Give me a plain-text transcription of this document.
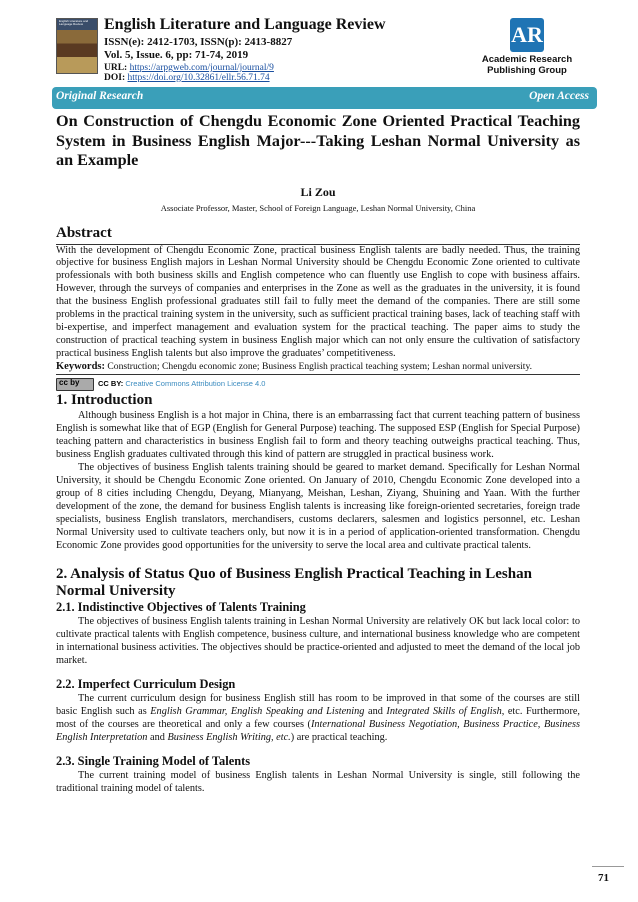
English Literature and Language Review	English Literature and Language Review
ISSN(e): 2412-1703, ISSN(p): 2413-8827
Vol. 5, Issue. 6, pp: 71-74, 2019
URL: https://arpgweb.com/journal/journal/9
DOI: https://doi.org/10.32861/ellr.56.71.74
AR
Academic Research Publishing Group
Original Research	Open Access
On Construction of Chengdu Economic Zone Oriented Practical Teaching System in Business English Major---Taking Leshan Normal University as an Example
Li Zou
Associate Professor, Master, School of Foreign Language, Leshan Normal University, China
Abstract

With the development of Chengdu Economic Zone, practical business English talents are badly needed. Thus, the training objective for business English majors in Leshan Normal University should be Chengdu Economic Zone oriented to cultivate professionals with both business skills and English competence who can fluently use English to cope with business affairs. However, through the surveys of companies and enterprises in the Zone as well as the graduates in the university, it is found that the business English professional graduates still fail to fully meet the demand of the companies. There are still some problems in the practical training system in the university, such as sufficient practical training bases, lack of teaching staff with bi-expertise, and imperfect management and evaluation system for the practical teaching. The paper aims to study the construction of practical teaching system in business English major which can not only ensure the cultivation of satisfactory practical business English talents but also improve the graduates’ competitiveness.

Keywords: Construction; Chengdu economic zone; Business English practical teaching system; Leshan normal university.
cc by CC BY: Creative Commons Attribution License 4.0
1. Introduction

Although business English is a hot major in China, there is an embarrassing fact that current teaching pattern of business English is somewhat like that of EGP (English for General Purpose) teaching. The supposed ESP (English for Special Purpose) teaching pattern and characteristics in business English fail to form and theory teaching outweighs practical teaching. Thus, business English graduates cultivated through this kind of pattern are struggled in practical business work.

The objectives of business English talents training should be geared to market demand. Specifically for Leshan Normal University, it should be Chengdu Economic Zone oriented. On January of 2010, Chengdu Economic Zone developed into a group of 8 cities including Chengdu, Deyang, Mianyang, Meishan, Leshan, Ziyang, Shuining and Yaan. With the further development of the zone, the demand for business English talents is increasing like foreign-oriented secretaries, foreign trade specialists, business English translators, merchandisers, customs declarers, salesmen and logistics personnel, etc. Leshan Normal University used to cultivate teachers only, but now it is in a period of application-oriented transformation. Chengdu Economic Zone provides good opportunities for the university to serve the local area and cultivate practical talents.

2. Analysis of Status Quo of Business English Practical Teaching in Leshan Normal University
2.1. Indistinctive Objectives of Talents Training

The objectives of business English talents training in Leshan Normal University are relatively OK but lack local color: to cultivate practical talents with English competence, business culture, and international business knowledge who are competent in international business activities. The objectives should be practice-oriented and adjusted to meet the demand of the local job market.

2.2. Imperfect Curriculum Design

The current curriculum design for business English still has room to be improved in that some of the courses are still basic English such as English Grammar, English Speaking and Listening and Integrated Skills of English, etc. Furthermore, most of the courses are theoretical and only a few courses (International Business Negotiation, Business Practice, Business English Interpretation and Business English Writing, etc.) are practical teaching.

2.3. Single Training Model of Talents

The current training model of business English talents in Leshan Normal University is single, still following the traditional training model of talents.

71
